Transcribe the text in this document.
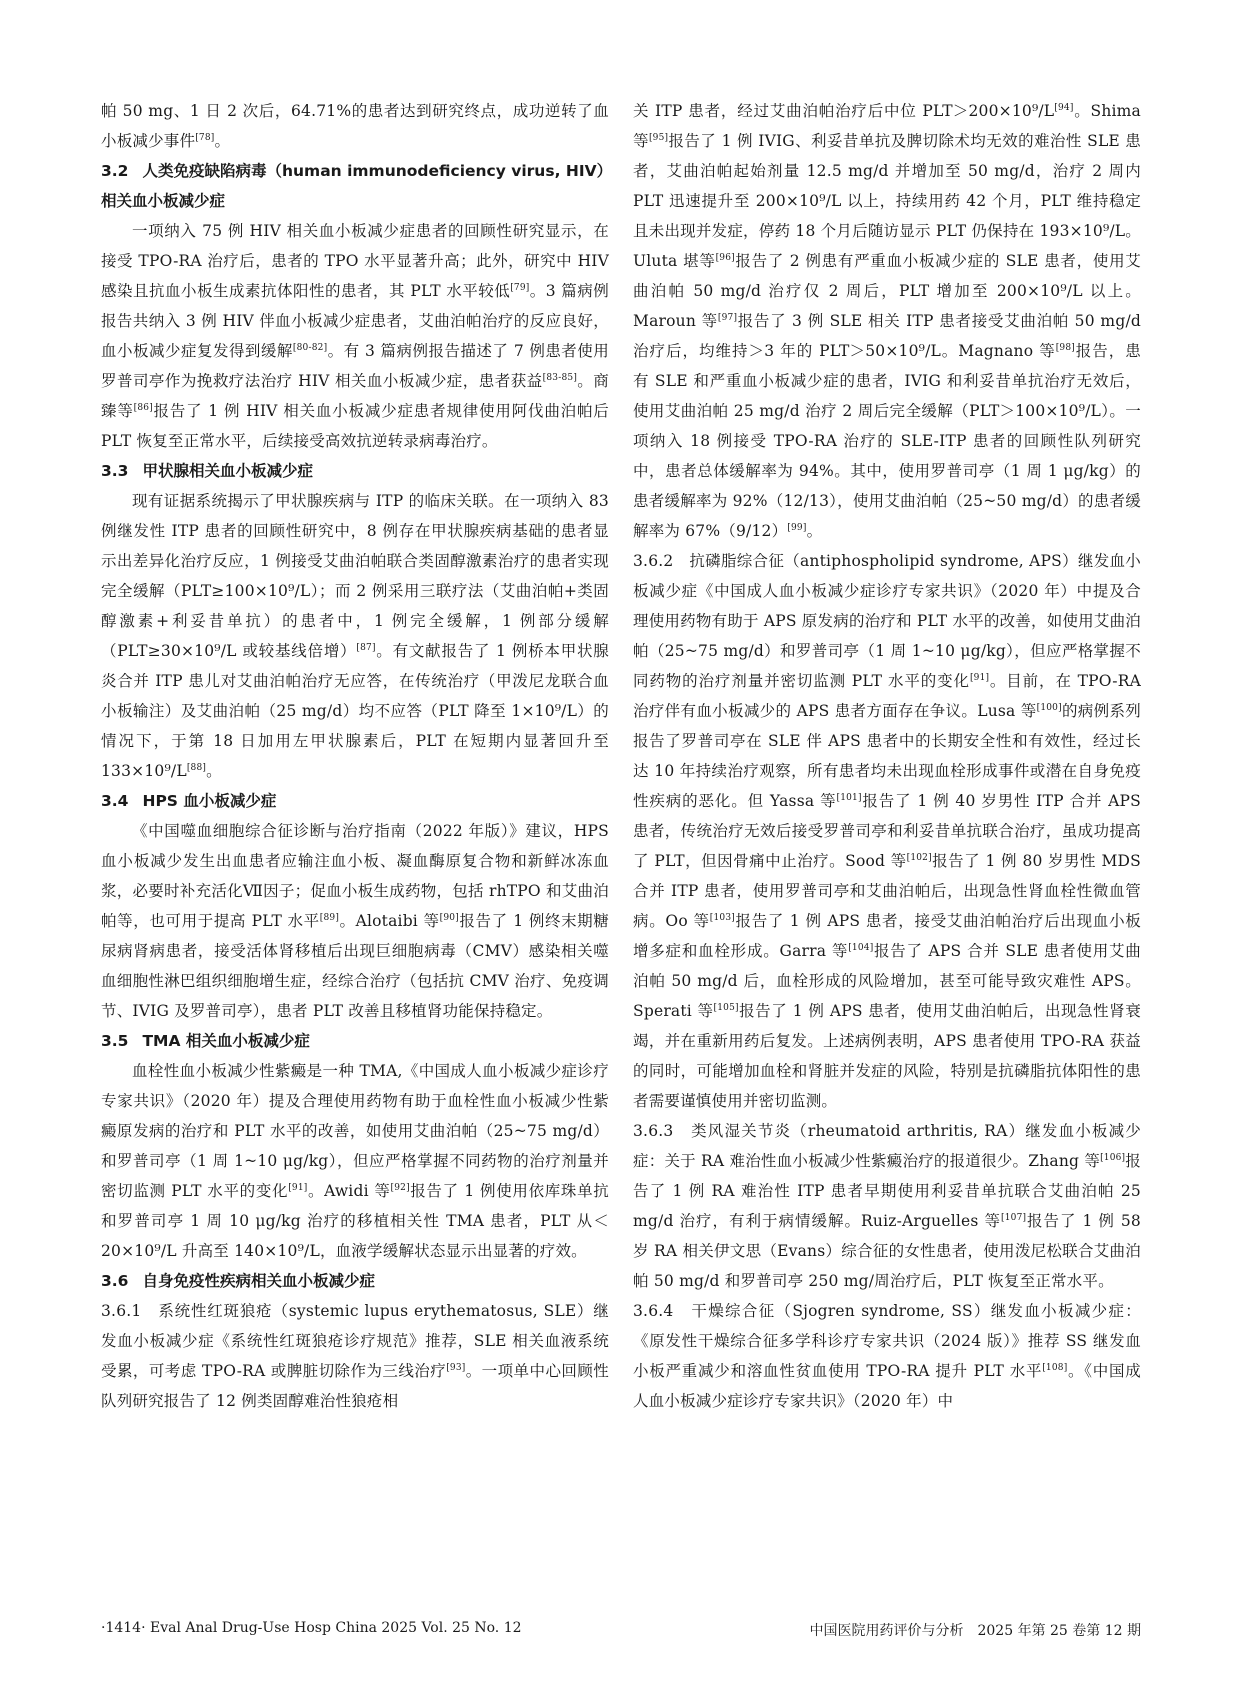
帕 50 mg、1 日 2 次后，64.71%的患者达到研究终点，成功逆转了血小板减少事件[78]。

3.2 人类免疫缺陷病毒（human immunodeficiency virus, HIV）相关血小板减少症

一项纳入 75 例 HIV 相关血小板减少症患者的回顾性研究显示，在接受 TPO-RA 治疗后，患者的 TPO 水平显著升高；此外，研究中 HIV 感染且抗血小板生成素抗体阳性的患者，其 PLT 水平较低[79]。3 篇病例报告共纳入 3 例 HIV 伴血小板减少症患者，艾曲泊帕治疗的反应良好，血小板减少症复发得到缓解[80-82]。有 3 篇病例报告描述了 7 例患者使用罗普司亭作为挽救疗法治疗 HIV 相关血小板减少症，患者获益[83-85]。商臻等[86]报告了 1 例 HIV 相关血小板减少症患者规律使用阿伐曲泊帕后 PLT 恢复至正常水平，后续接受高效抗逆转录病毒治疗。

3.3 甲状腺相关血小板减少症

现有证据系统揭示了甲状腺疾病与 ITP 的临床关联。在一项纳入 83 例继发性 ITP 患者的回顾性研究中，8 例存在甲状腺疾病基础的患者显示出差异化治疗反应，1 例接受艾曲泊帕联合类固醇激素治疗的患者实现完全缓解（PLT≥100×10⁹/L）；而 2 例采用三联疗法（艾曲泊帕+类固醇激素+利妥昔单抗）的患者中，1 例完全缓解，1 例部分缓解（PLT≥30×10⁹/L 或较基线倍增）[87]。有文献报告了 1 例桥本甲状腺炎合并 ITP 患儿对艾曲泊帕治疗无应答，在传统治疗（甲泼尼龙联合血小板输注）及艾曲泊帕（25 mg/d）均不应答（PLT 降至 1×10⁹/L）的情况下，于第 18 日加用左甲状腺素后，PLT 在短期内显著回升至 133×10⁹/L[88]。

3.4 HPS 血小板减少症

《中国噬血细胞综合征诊断与治疗指南（2022 年版）》建议，HPS 血小板减少发生出血患者应输注血小板、凝血酶原复合物和新鲜冰冻血浆，必要时补充活化Ⅶ因子；促血小板生成药物，包括 rhTPO 和艾曲泊帕等，也可用于提高 PLT 水平[89]。Alotaibi 等[90]报告了 1 例终末期糖尿病肾病患者，接受活体肾移植后出现巨细胞病毒（CMV）感染相关噬血细胞性淋巴组织细胞增生症，经综合治疗（包括抗 CMV 治疗、免疫调节、IVIG 及罗普司亭），患者 PLT 改善且移植肾功能保持稳定。

3.5 TMA 相关血小板减少症

血栓性血小板减少性紫癜是一种 TMA,《中国成人血小板减少症诊疗专家共识》（2020 年）提及合理使用药物有助于血栓性血小板减少性紫癜原发病的治疗和 PLT 水平的改善，如使用艾曲泊帕（25~75 mg/d）和罗普司亭（1 周 1~10 μg/kg），但应严格掌握不同药物的治疗剂量并密切监测 PLT 水平的变化[91]。Awidi 等[92]报告了 1 例使用依库珠单抗和罗普司亭 1 周 10 μg/kg 治疗的移植相关性 TMA 患者，PLT 从＜20×10⁹/L 升高至 140×10⁹/L，血液学缓解状态显示出显著的疗效。

3.6 自身免疫性疾病相关血小板减少症

3.6.1　系统性红斑狼疮（systemic lupus erythematosus, SLE）继发血小板减少症《系统性红斑狼疮诊疗规范》推荐，SLE 相关血液系统受累，可考虑 TPO-RA 或脾脏切除作为三线治疗[93]。一项单中心回顾性队列研究报告了 12 例类固醇难治性狼疮相

关 ITP 患者，经过艾曲泊帕治疗后中位 PLT＞200×10⁹/L[94]。Shima 等[95]报告了 1 例 IVIG、利妥昔单抗及脾切除术均无效的难治性 SLE 患者，艾曲泊帕起始剂量 12.5 mg/d 并增加至 50 mg/d，治疗 2 周内 PLT 迅速提升至 200×10⁹/L 以上，持续用药 42 个月，PLT 维持稳定且未出现并发症，停药 18 个月后随访显示 PLT 仍保持在 193×10⁹/L。Uluta 堪等[96]报告了 2 例患有严重血小板减少症的 SLE 患者，使用艾曲泊帕 50 mg/d 治疗仅 2 周后，PLT 增加至 200×10⁹/L 以上。Maroun 等[97]报告了 3 例 SLE 相关 ITP 患者接受艾曲泊帕 50 mg/d 治疗后，均维持＞3 年的 PLT＞50×10⁹/L。Magnano 等[98]报告，患有 SLE 和严重血小板减少症的患者，IVIG 和利妥昔单抗治疗无效后，使用艾曲泊帕 25 mg/d 治疗 2 周后完全缓解（PLT＞100×10⁹/L）。一项纳入 18 例接受 TPO-RA 治疗的 SLE-ITP 患者的回顾性队列研究中，患者总体缓解率为 94%。其中，使用罗普司亭（1 周 1 μg/kg）的患者缓解率为 92%（12/13），使用艾曲泊帕（25~50 mg/d）的患者缓解率为 67%（9/12）[99]。

3.6.2　抗磷脂综合征（antiphospholipid syndrome, APS）继发血小板减少症《中国成人血小板减少症诊疗专家共识》（2020 年）中提及合理使用药物有助于 APS 原发病的治疗和 PLT 水平的改善，如使用艾曲泊帕（25~75 mg/d）和罗普司亭（1 周 1~10 μg/kg），但应严格掌握不同药物的治疗剂量并密切监测 PLT 水平的变化[91]。目前，在 TPO-RA 治疗伴有血小板减少的 APS 患者方面存在争议。Lusa 等[100]的病例系列报告了罗普司亭在 SLE 伴 APS 患者中的长期安全性和有效性，经过长达 10 年持续治疗观察，所有患者均未出现血栓形成事件或潜在自身免疫性疾病的恶化。但 Yassa 等[101]报告了 1 例 40 岁男性 ITP 合并 APS 患者，传统治疗无效后接受罗普司亭和利妥昔单抗联合治疗，虽成功提高了 PLT，但因骨痛中止治疗。Sood 等[102]报告了 1 例 80 岁男性 MDS 合并 ITP 患者，使用罗普司亭和艾曲泊帕后，出现急性肾血栓性微血管病。Oo 等[103]报告了 1 例 APS 患者，接受艾曲泊帕治疗后出现血小板增多症和血栓形成。Garra 等[104]报告了 APS 合并 SLE 患者使用艾曲泊帕 50 mg/d 后，血栓形成的风险增加，甚至可能导致灾难性 APS。Sperati 等[105]报告了 1 例 APS 患者，使用艾曲泊帕后，出现急性肾衰竭，并在重新用药后复发。上述病例表明，APS 患者使用 TPO-RA 获益的同时，可能增加血栓和肾脏并发症的风险，特别是抗磷脂抗体阳性的患者需要谨慎使用并密切监测。

3.6.3　类风湿关节炎（rheumatoid arthritis, RA）继发血小板减少症：关于 RA 难治性血小板减少性紫癜治疗的报道很少。Zhang 等[106]报告了 1 例 RA 难治性 ITP 患者早期使用利妥昔单抗联合艾曲泊帕 25 mg/d 治疗，有利于病情缓解。Ruiz-Arguelles 等[107]报告了 1 例 58 岁 RA 相关伊文思（Evans）综合征的女性患者，使用泼尼松联合艾曲泊帕 50 mg/d 和罗普司亭 250 mg/周治疗后，PLT 恢复至正常水平。

3.6.4　干燥综合征（Sjogren syndrome, SS）继发血小板减少症：《原发性干燥综合征多学科诊疗专家共识（2024 版）》推荐 SS 继发血小板严重减少和溶血性贫血使用 TPO-RA 提升 PLT 水平[108]。《中国成人血小板减少症诊疗专家共识》（2020 年）中

·1414· Eval Anal Drug-Use Hosp China 2025 Vol. 25 No. 12	中国医院用药评价与分析　2025 年第 25 卷第 12 期
